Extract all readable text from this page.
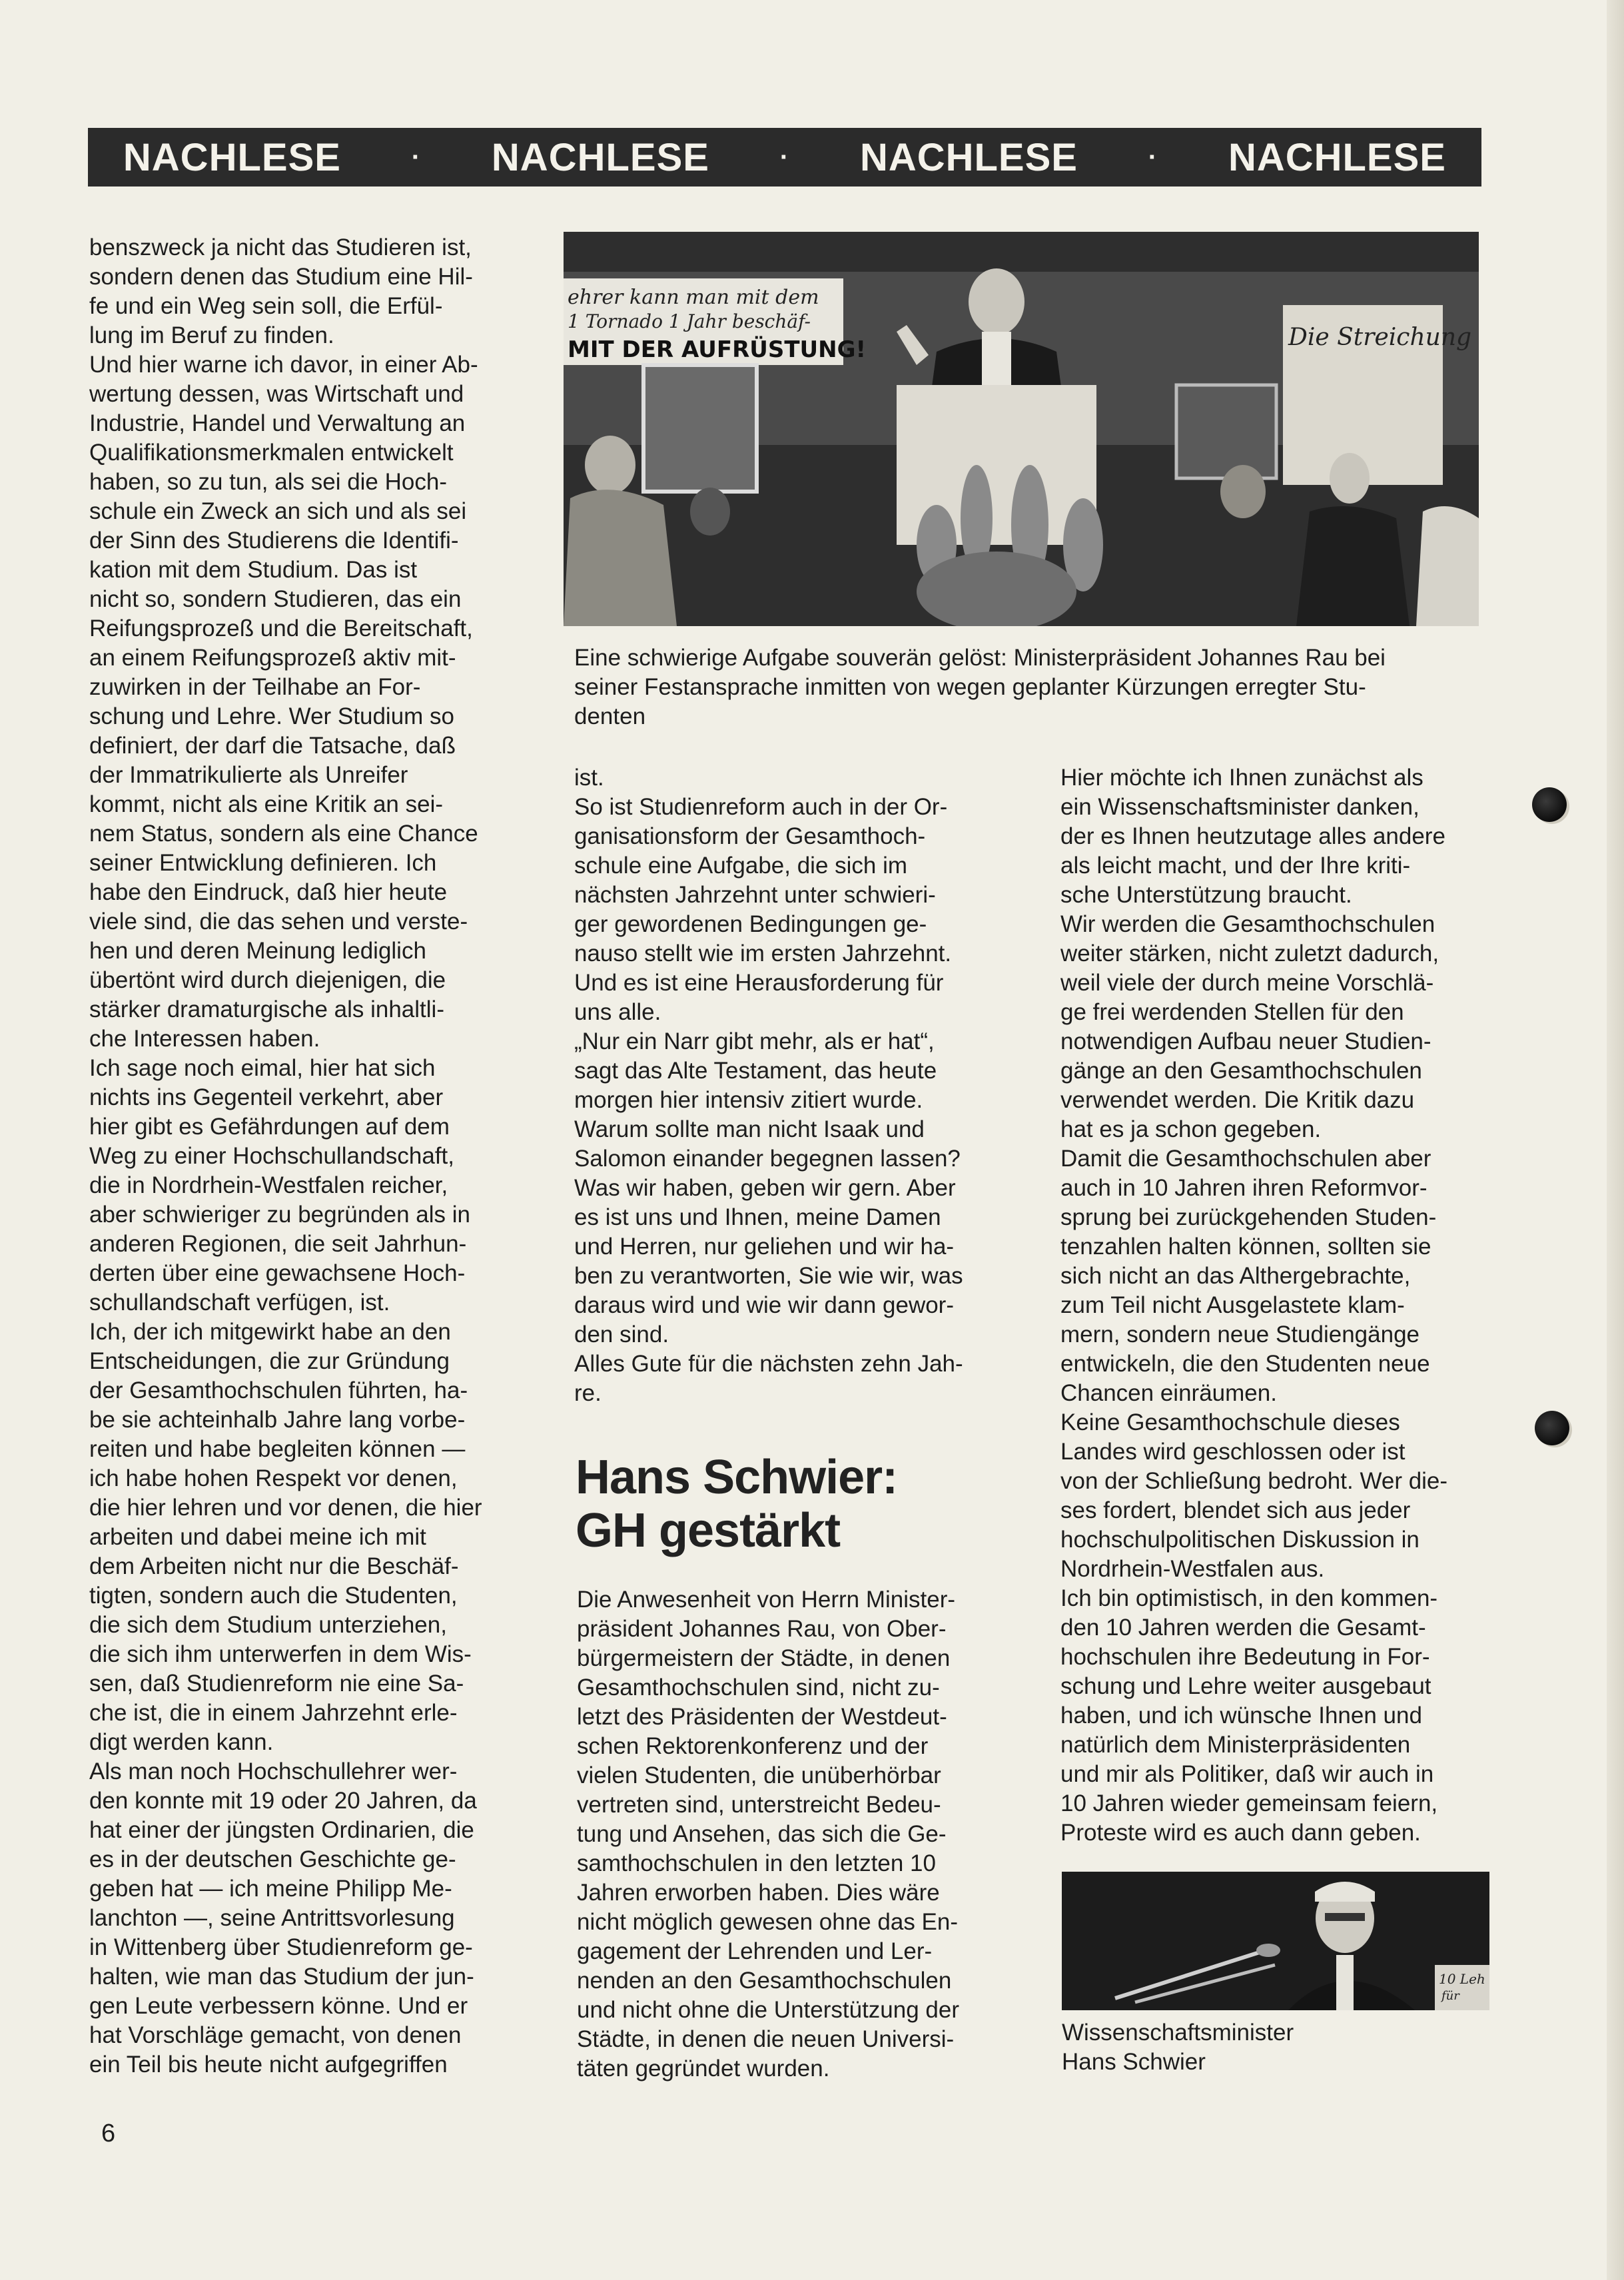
NACHLESE	· NACHLESE	· NACHLESE	· NACHLESE
benszweck ja nicht das Studieren ist,
sondern denen das Studium eine Hil-
fe und ein Weg sein soll, die Erfül-
lung im Beruf zu finden.
Und hier warne ich davor, in einer Ab-
wertung dessen, was Wirtschaft und
Industrie, Handel und Verwaltung an
Qualifikationsmerkmalen entwickelt
haben, so zu tun, als sei die Hoch-
schule ein Zweck an sich und als sei
der Sinn des Studierens die Identifi-
kation mit dem Studium. Das ist
nicht so, sondern Studieren, das ein
Reifungsprozeß und die Bereitschaft,
an einem Reifungsprozeß aktiv mit-
zuwirken in der Teilhabe an For-
schung und Lehre. Wer Studium so
definiert, der darf die Tatsache, daß
der Immatrikulierte als Unreifer
kommt, nicht als eine Kritik an sei-
nem Status, sondern als eine Chance
seiner Entwicklung definieren. Ich
habe den Eindruck, daß hier heute
viele sind, die das sehen und verste-
hen und deren Meinung lediglich
übertönt wird durch diejenigen, die
stärker dramaturgische als inhaltli-
che Interessen haben.
Ich sage noch eimal, hier hat sich
nichts ins Gegenteil verkehrt, aber
hier gibt es Gefährdungen auf dem
Weg zu einer Hochschullandschaft,
die in Nordrhein-Westfalen reicher,
aber schwieriger zu begründen als in
anderen Regionen, die seit Jahrhun-
derten über eine gewachsene Hoch-
schullandschaft verfügen, ist.
Ich, der ich mitgewirkt habe an den
Entscheidungen, die zur Gründung
der Gesamthochschulen führten, ha-
be sie achteinhalb Jahre lang vorbe-
reiten und habe begleiten können —
ich habe hohen Respekt vor denen,
die hier lehren und vor denen, die hier
arbeiten und dabei meine ich mit
dem Arbeiten nicht nur die Beschäf-
tigten, sondern auch die Studenten,
die sich dem Studium unterziehen,
die sich ihm unterwerfen in dem Wis-
sen, daß Studienreform nie eine Sa-
che ist, die in einem Jahrzehnt erle-
digt werden kann.
Als man noch Hochschullehrer wer-
den konnte mit 19 oder 20 Jahren, da
hat einer der jüngsten Ordinarien, die
es in der deutschen Geschichte ge-
geben hat — ich meine Philipp Me-
lanchton —, seine Antrittsvorlesung
in Wittenberg über Studienreform ge-
halten, wie man das Studium der jun-
gen Leute verbessern könne. Und er
hat Vorschläge gemacht, von denen
ein Teil bis heute nicht aufgegriffen
ehrer kann man mit dem
1 Tornado 1 Jahr beschäf-
MIT DER AUFRÜSTUNG!	Die Streichung
Eine schwierige Aufgabe souverän gelöst: Ministerpräsident Johannes Rau bei
seiner Festansprache inmitten von wegen geplanter Kürzungen erregter Stu-
denten
ist.
So ist Studienreform auch in der Or-
ganisationsform der Gesamthoch-
schule eine Aufgabe, die sich im
nächsten Jahrzehnt unter schwieri-
ger gewordenen Bedingungen ge-
nauso stellt wie im ersten Jahrzehnt.
Und es ist eine Herausforderung für
uns alle.
„Nur ein Narr gibt mehr, als er hat“,
sagt das Alte Testament, das heute
morgen hier intensiv zitiert wurde.
Warum sollte man nicht Isaak und
Salomon einander begegnen lassen?
Was wir haben, geben wir gern. Aber
es ist uns und Ihnen, meine Damen
und Herren, nur geliehen und wir ha-
ben zu verantworten, Sie wie wir, was
daraus wird und wie wir dann gewor-
den sind.
Alles Gute für die nächsten zehn Jah-
re.
Hans Schwier:
GH gestärkt
Die Anwesenheit von Herrn Minister-
präsident Johannes Rau, von Ober-
bürgermeistern der Städte, in denen
Gesamthochschulen sind, nicht zu-
letzt des Präsidenten der Westdeut-
schen Rektorenkonferenz und der
vielen Studenten, die unüberhörbar
vertreten sind, unterstreicht Bedeu-
tung und Ansehen, das sich die Ge-
samthochschulen in den letzten 10
Jahren erworben haben. Dies wäre
nicht möglich gewesen ohne das En-
gagement der Lehrenden und Ler-
nenden an den Gesamthochschulen
und nicht ohne die Unterstützung der
Städte, in denen die neuen Universi-
täten gegründet wurden.
Hier möchte ich Ihnen zunächst als
ein Wissenschaftsminister danken,
der es Ihnen heutzutage alles andere
als leicht macht, und der Ihre kriti-
sche Unterstützung braucht.
Wir werden die Gesamthochschulen
weiter stärken, nicht zuletzt dadurch,
weil viele der durch meine Vorschlä-
ge frei werdenden Stellen für den
notwendigen Aufbau neuer Studien-
gänge an den Gesamthochschulen
verwendet werden. Die Kritik dazu
hat es ja schon gegeben.
Damit die Gesamthochschulen aber
auch in 10 Jahren ihren Reformvor-
sprung bei zurückgehenden Studen-
tenzahlen halten können, sollten sie
sich nicht an das Althergebrachte,
zum Teil nicht Ausgelastete klam-
mern, sondern neue Studiengänge
entwickeln, die den Studenten neue
Chancen einräumen.
Keine Gesamthochschule dieses
Landes wird geschlossen oder ist
von der Schließung bedroht. Wer die-
ses fordert, blendet sich aus jeder
hochschulpolitischen Diskussion in
Nordrhein-Westfalen aus.
Ich bin optimistisch, in den kommen-
den 10 Jahren werden die Gesamt-
hochschulen ihre Bedeutung in For-
schung und Lehre weiter ausgebaut
haben, und ich wünsche Ihnen und
natürlich dem Ministerpräsidenten
und mir als Politiker, daß wir auch in
10 Jahren wieder gemeinsam feiern,
Proteste wird es auch dann geben.
10 Leh
für
Wissenschaftsminister
Hans Schwier
6
